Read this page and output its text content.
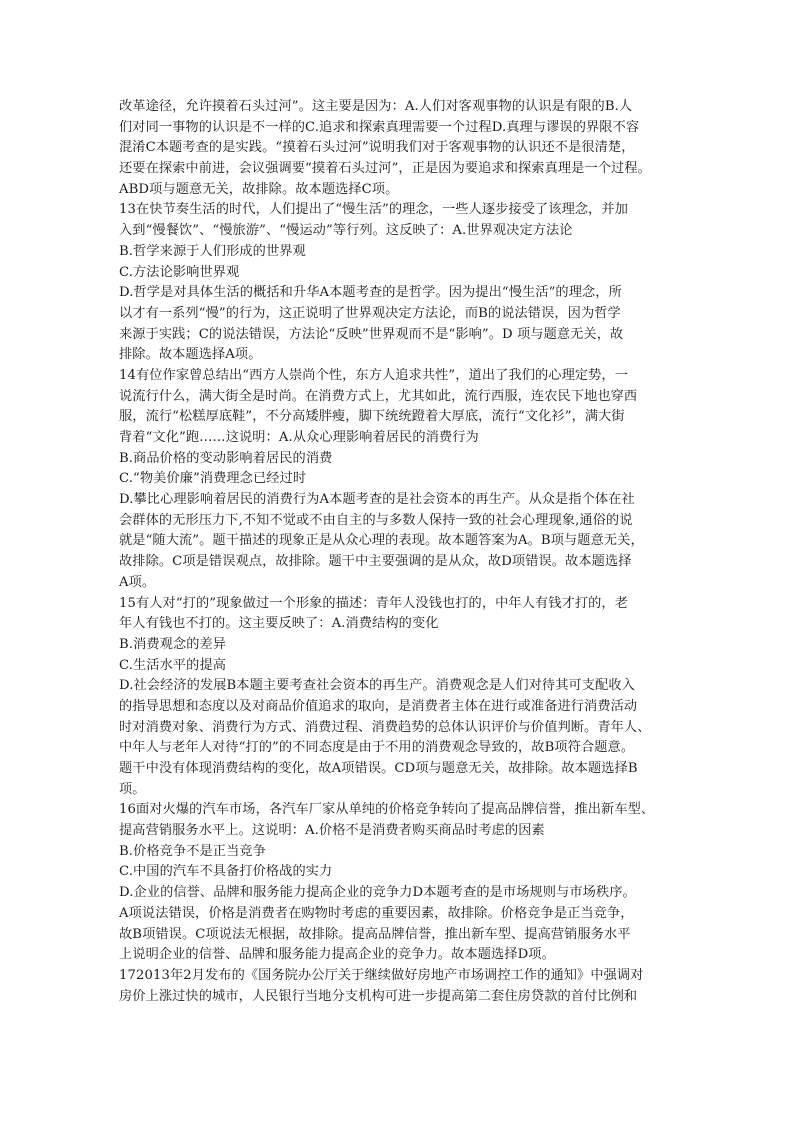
改革途径，允许摸着石头过河”。这主要是因为：A.人们对客观事物的认识是有限的B.人
们对同一事物的认识是不一样的C.追求和探索真理需要一个过程D.真理与谬误的界限不容
混淆C本题考查的是实践。“摸着石头过河”说明我们对于客观事物的认识还不是很清楚，
还要在探索中前进，会议强调要“摸着石头过河”，正是因为要追求和探索真理是一个过程。
ABD项与题意无关，故排除。故本题选择C项。
13在快节奏生活的时代，人们提出了“慢生活”的理念，一些人逐步接受了该理念，并加
入到“慢餐饮”、“慢旅游”、“慢运动”等行列。这反映了：A.世界观决定方法论
B.哲学来源于人们形成的世界观
C.方法论影响世界观
D.哲学是对具体生活的概括和升华A本题考查的是哲学。因为提出“慢生活”的理念，所
以才有一系列“慢”的行为，这正说明了世界观决定方法论，而B的说法错误，因为哲学
来源于实践；C的说法错误，方法论“反映”世界观而不是“影响”。D 项与题意无关，故
排除。故本题选择A项。
14有位作家曾总结出“西方人崇尚个性，东方人追求共性”，道出了我们的心理定势，一
说流行什么，满大街全是时尚。在消费方式上，尤其如此，流行西服，连农民下地也穿西
服，流行“松糕厚底鞋”，不分高矮胖瘦，脚下统统蹬着大厚底，流行“文化衫”，满大街
背着“文化”跑……这说明：A.从众心理影响着居民的消费行为
B.商品价格的变动影响着居民的消费
C.“物美价廉”消费理念已经过时
D.攀比心理影响着居民的消费行为A本题考查的是社会资本的再生产。从众是指个体在社
会群体的无形压力下,不知不觉或不由自主的与多数人保持一致的社会心理现象,通俗的说
就是“随大流”。题干描述的现象正是从众心理的表现。故本题答案为A。B项与题意无关，
故排除。C项是错误观点，故排除。题干中主要强调的是从众，故D项错误。故本题选择
A项。
15有人对“打的”现象做过一个形象的描述：青年人没钱也打的，中年人有钱才打的，老
年人有钱也不打的。这主要反映了：A.消费结构的变化
B.消费观念的差异
C.生活水平的提高
D.社会经济的发展B本题主要考查社会资本的再生产。消费观念是人们对待其可支配收入
的指导思想和态度以及对商品价值追求的取向，是消费者主体在进行或准备进行消费活动
时对消费对象、消费行为方式、消费过程、消费趋势的总体认识评价与价值判断。青年人、
中年人与老年人对待“打的”的不同态度是由于不用的消费观念导致的，故B项符合题意。
题干中没有体现消费结构的变化，故A项错误。CD项与题意无关，故排除。故本题选择B
项。
16面对火爆的汽车市场，各汽车厂家从单纯的价格竞争转向了提高品牌信誉，推出新车型、
提高营销服务水平上。这说明：A.价格不是消费者购买商品时考虑的因素
B.价格竞争不是正当竞争
C.中国的汽车不具备打价格战的实力
D.企业的信誉、品牌和服务能力提高企业的竞争力D本题考查的是市场规则与市场秩序。
A项说法错误，价格是消费者在购物时考虑的重要因素，故排除。价格竞争是正当竞争，
故B项错误。C项说法无根据，故排除。提高品牌信誉，推出新车型、提高营销服务水平
上说明企业的信誉、品牌和服务能力提高企业的竞争力。故本题选择D项。
172013年2月发布的《国务院办公厅关于继续做好房地产市场调控工作的通知》中强调对
房价上涨过快的城市，人民银行当地分支机构可进一步提高第二套住房贷款的首付比例和
